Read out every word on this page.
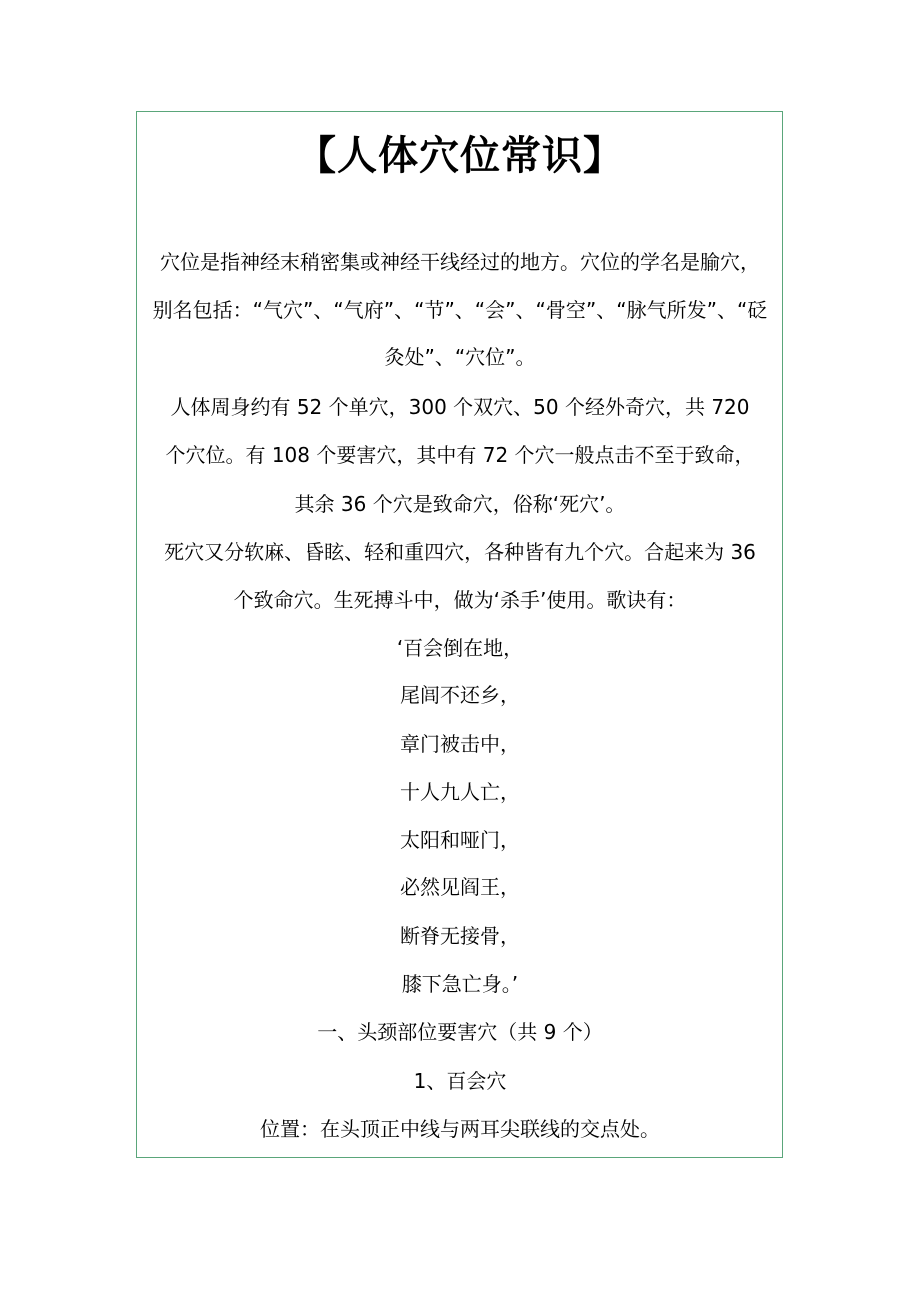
【人体穴位常识】
穴位是指神经末稍密集或神经干线经过的地方。穴位的学名是腧穴，
别名包括：“气穴”、“气府”、“节”、“会”、“骨空”、“脉气所发”、“砭
灸处”、“穴位”。
人体周身约有 52 个单穴，300 个双穴、50 个经外奇穴，共 720
个穴位。有 108 个要害穴，其中有 72 个穴一般点击不至于致命，
其余 36 个穴是致命穴，俗称‘死穴’。
死穴又分软麻、昏眩、轻和重四穴，各种皆有九个穴。合起来为 36
个致命穴。生死搏斗中，做为‘杀手’使用。歌诀有：
‘百会倒在地，
尾闾不还乡，
章门被击中，
十人九人亡，
太阳和哑门，
必然见阎王，
断脊无接骨，
膝下急亡身。’
一、头颈部位要害穴（共 9 个）
1、百会穴
位置：在头顶正中线与两耳尖联线的交点处。
